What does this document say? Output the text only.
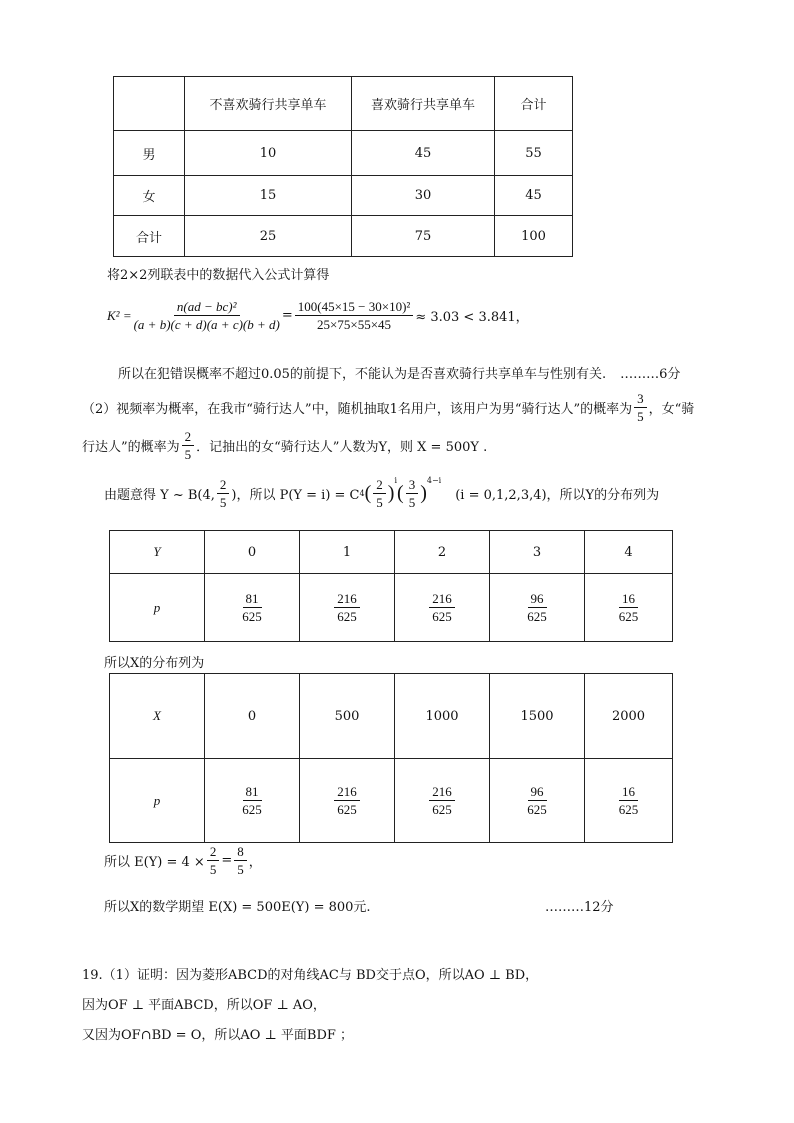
	不喜欢骑行共享单车	喜欢骑行共享单车	合计
男	10	45	55
女	15	30	45
合计	25	75	100
将2×2列联表中的数据代入公式计算得
$K^2 = \frac{\text{n(ad − bc)²}}{(a + b)(c + d)(a + c)(b + d)} = \frac{\text{100(45×15 − 30×10)²}}{25\times 75\times 55\times 45} \approx 3.03 < 3.841$，
所以在犯错误概率不超过0.05的前提下，不能认为是否喜欢骑行共享单车与性别有关. ………6分
（2）视频率为概率，在我市“骑行达人”中，随机抽取1名用户，该用户为男“骑行达人”的概率为 $\frac{3}{5}$ ，女“骑
行达人”的概率为 $\frac{2}{5}$ ．记抽出的女“骑行达人”人数为Y，则 X = 500Y .
由题意得 Y ~ B(4, $\frac{2}{5}$ )，所以 P(Y = i) = C 4 ( $\frac{2}{5}$ )
$^i$
( $\frac{3}{5}$ )
$^{4-i}$
(i = 0,1,2,3,4)，所以Y的分布列为
Y	0	1	2	3	4
p	$\frac{81}{625}$	$\frac{216}{625}$	$\frac{216}{625}$	$\frac{96}{625}$	$\frac{16}{625}$
所以X的分布列为
X	0	500	1000	1500	2000
p	$\frac{81}{625}$	$\frac{216}{625}$	$\frac{216}{625}$	$\frac{96}{625}$	$\frac{16}{625}$
所以 $E(Y) = 4 \times \frac{2}{5} = \frac{8}{5}$ ，
所以X的数学期望 E(X) = 500E(Y) = 800元.	………12分
19.（1）证明：因为菱形ABCD的对角线AC与 BD交于点O，所以AO ⊥ BD，
因为OF ⊥ 平面ABCD，所以OF ⊥ AO，
又因为OF∩BD = O，所以AO ⊥ 平面BDF ；
